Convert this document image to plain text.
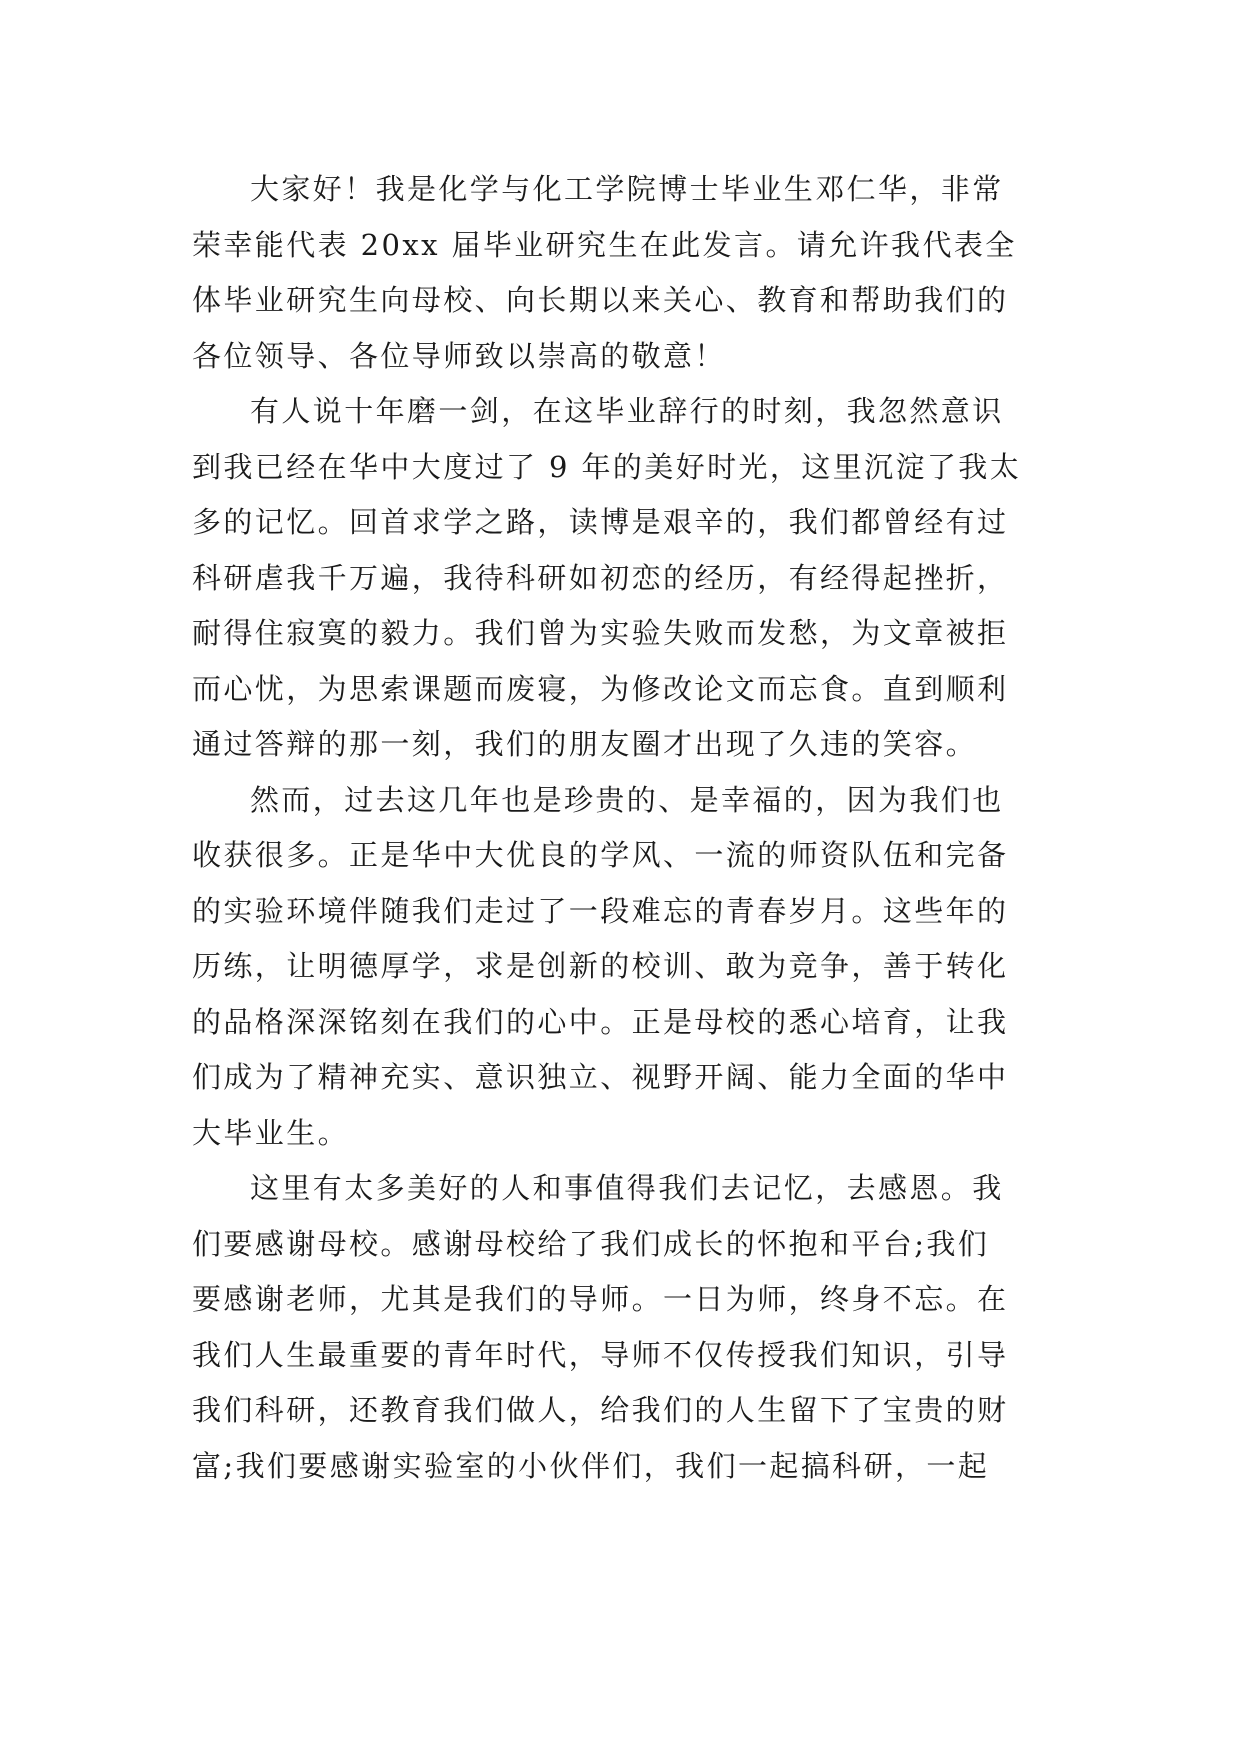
大家好！我是化学与化工学院博士毕业生邓仁华，非常
荣幸能代表 20xx 届毕业研究生在此发言。请允许我代表全
体毕业研究生向母校、向长期以来关心、教育和帮助我们的
各位领导、各位导师致以崇高的敬意！

有人说十年磨一剑，在这毕业辞行的时刻，我忽然意识
到我已经在华中大度过了 9 年的美好时光，这里沉淀了我太
多的记忆。回首求学之路，读博是艰辛的，我们都曾经有过
科研虐我千万遍，我待科研如初恋的经历，有经得起挫折，
耐得住寂寞的毅力。我们曾为实验失败而发愁，为文章被拒
而心忧，为思索课题而废寝，为修改论文而忘食。直到顺利
通过答辩的那一刻，我们的朋友圈才出现了久违的笑容。

然而，过去这几年也是珍贵的、是幸福的，因为我们也
收获很多。正是华中大优良的学风、一流的师资队伍和完备
的实验环境伴随我们走过了一段难忘的青春岁月。这些年的
历练，让明德厚学，求是创新的校训、敢为竞争，善于转化
的品格深深铭刻在我们的心中。正是母校的悉心培育，让我
们成为了精神充实、意识独立、视野开阔、能力全面的华中
大毕业生。

这里有太多美好的人和事值得我们去记忆，去感恩。我
们要感谢母校。感谢母校给了我们成长的怀抱和平台;我们
要感谢老师，尤其是我们的导师。一日为师，终身不忘。在
我们人生最重要的青年时代，导师不仅传授我们知识，引导
我们科研，还教育我们做人，给我们的人生留下了宝贵的财
富;我们要感谢实验室的小伙伴们，我们一起搞科研，一起
